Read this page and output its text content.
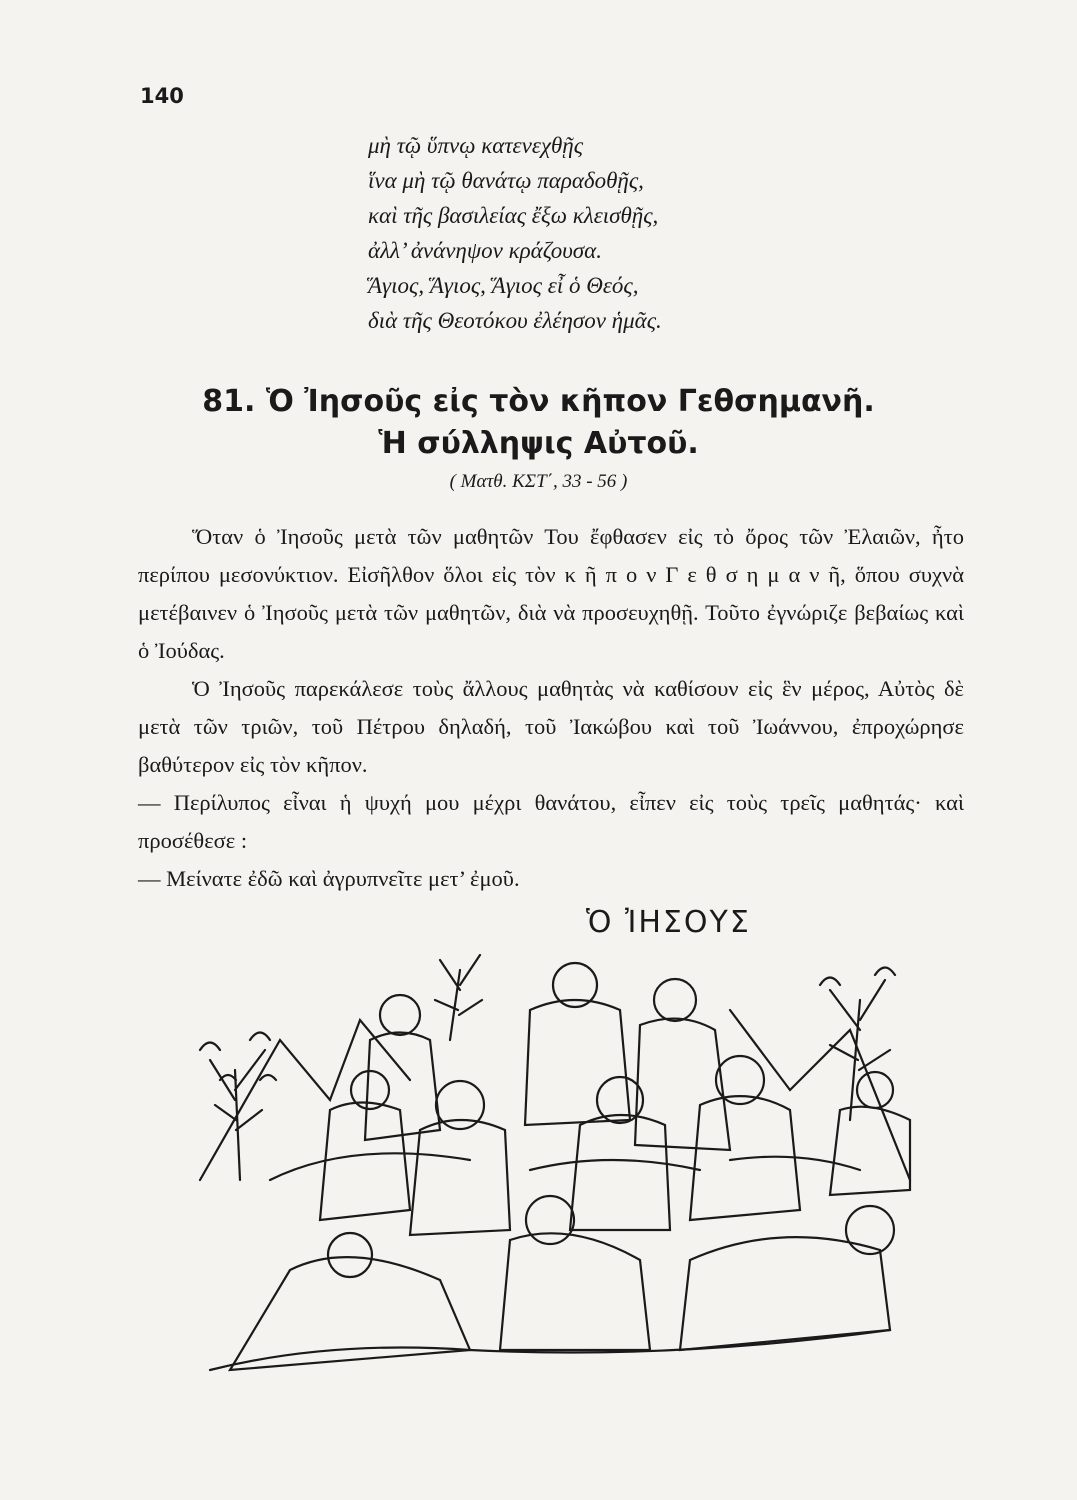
140
μὴ τῷ ὕπνῳ κατενεχθῇς
ἵνα μὴ τῷ θανάτῳ παραδοθῇς,
καὶ τῆς βασιλείας ἔξω κλεισθῇς,
ἀλλ’ ἀνάνηψον κράζουσα.
Ἅγιος, Ἅγιος, Ἅγιος εἶ ὁ Θεός,
διὰ τῆς Θεοτόκου ἐλέησον ἡμᾶς.
81. Ὁ Ἰησοῦς εἰς τὸν κῆπον Γεθσημανῆ.
Ἡ σύλληψις Αὐτοῦ.
( Ματθ. ΚΣΤ΄, 33 - 56 )

Ὅταν ὁ Ἰησοῦς μετὰ τῶν μαθητῶν Του ἔφθασεν εἰς τὸ ὄρος τῶν Ἐλαιῶν, ἦτο περίπου μεσονύκτιον. Εἰσῆλθον ὅλοι εἰς τὸν κ ῆ π ο ν Γ ε θ σ η μ α ν ῆ, ὅπου συχνὰ μετέβαινεν ὁ Ἰησοῦς μετὰ τῶν μαθητῶν, διὰ νὰ προσευχηθῇ. Τοῦτο ἐγνώριζε βεβαίως καὶ ὁ Ἰούδας.

Ὁ Ἰησοῦς παρεκάλεσε τοὺς ἄλλους μαθητὰς νὰ καθίσουν εἰς ἓν μέρος, Αὐτὸς δὲ μετὰ τῶν τριῶν, τοῦ Πέτρου δηλαδή, τοῦ Ἰακώβου καὶ τοῦ Ἰωάννου, ἐπροχώρησε βαθύτερον εἰς τὸν κῆπον.

— Περίλυπος εἶναι ἡ ψυχή μου μέχρι θανάτου, εἶπεν εἰς τοὺς τρεῖς μαθητάς· καὶ προσέθεσε :

— Μείνατε ἐδῶ καὶ ἀγρυπνεῖτε μετ’ ἐμοῦ.

Ὁ ἸΗΣΟΥΣ
